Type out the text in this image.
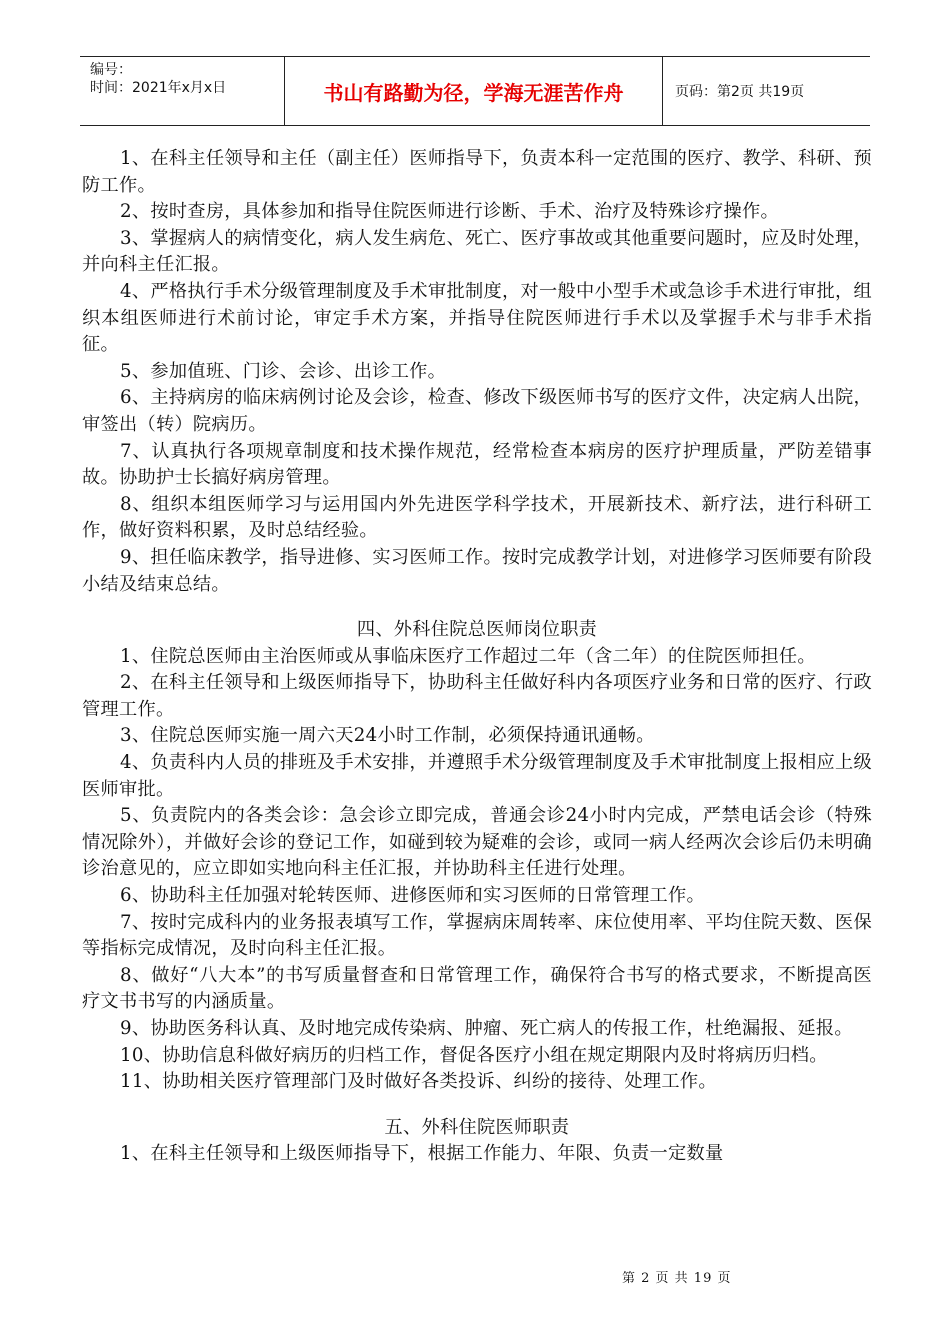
编号：
时间：2021年x月x日	书山有路勤为径，学海无涯苦作舟	页码：第2页 共19页

1、在科主任领导和主任（副主任）医师指导下，负责本科一定范围的医疗、教学、科研、预防工作。

2、按时查房，具体参加和指导住院医师进行诊断、手术、治疗及特殊诊疗操作。

3、掌握病人的病情变化，病人发生病危、死亡、医疗事故或其他重要问题时，应及时处理，并向科主任汇报。

4、严格执行手术分级管理制度及手术审批制度，对一般中小型手术或急诊手术进行审批，组织本组医师进行术前讨论，审定手术方案，并指导住院医师进行手术以及掌握手术与非手术指征。

5、参加值班、门诊、会诊、出诊工作。

6、主持病房的临床病例讨论及会诊，检查、修改下级医师书写的医疗文件，决定病人出院，审签出（转）院病历。

7、认真执行各项规章制度和技术操作规范，经常检查本病房的医疗护理质量，严防差错事故。协助护士长搞好病房管理。

8、组织本组医师学习与运用国内外先进医学科学技术，开展新技术、新疗法，进行科研工作，做好资料积累，及时总结经验。

9、担任临床教学，指导进修、实习医师工作。按时完成教学计划，对进修学习医师要有阶段小结及结束总结。

四、外科住院总医师岗位职责

1、住院总医师由主治医师或从事临床医疗工作超过二年（含二年）的住院医师担任。

2、在科主任领导和上级医师指导下，协助科主任做好科内各项医疗业务和日常的医疗、行政管理工作。

3、住院总医师实施一周六天24小时工作制，必须保持通讯通畅。

4、负责科内人员的排班及手术安排，并遵照手术分级管理制度及手术审批制度上报相应上级医师审批。

5、负责院内的各类会诊：急会诊立即完成，普通会诊24小时内完成，严禁电话会诊（特殊情况除外），并做好会诊的登记工作，如碰到较为疑难的会诊，或同一病人经两次会诊后仍未明确诊治意见的，应立即如实地向科主任汇报，并协助科主任进行处理。

6、协助科主任加强对轮转医师、进修医师和实习医师的日常管理工作。

7、按时完成科内的业务报表填写工作，掌握病床周转率、床位使用率、平均住院天数、医保等指标完成情况，及时向科主任汇报。

8、做好“八大本”的书写质量督查和日常管理工作，确保符合书写的格式要求，不断提高医疗文书书写的内涵质量。

9、协助医务科认真、及时地完成传染病、肿瘤、死亡病人的传报工作，杜绝漏报、延报。

10、协助信息科做好病历的归档工作，督促各医疗小组在规定期限内及时将病历归档。

11、协助相关医疗管理部门及时做好各类投诉、纠纷的接待、处理工作。

五、外科住院医师职责

1、在科主任领导和上级医师指导下，根据工作能力、年限、负责一定数量

第 2 页 共 19 页
